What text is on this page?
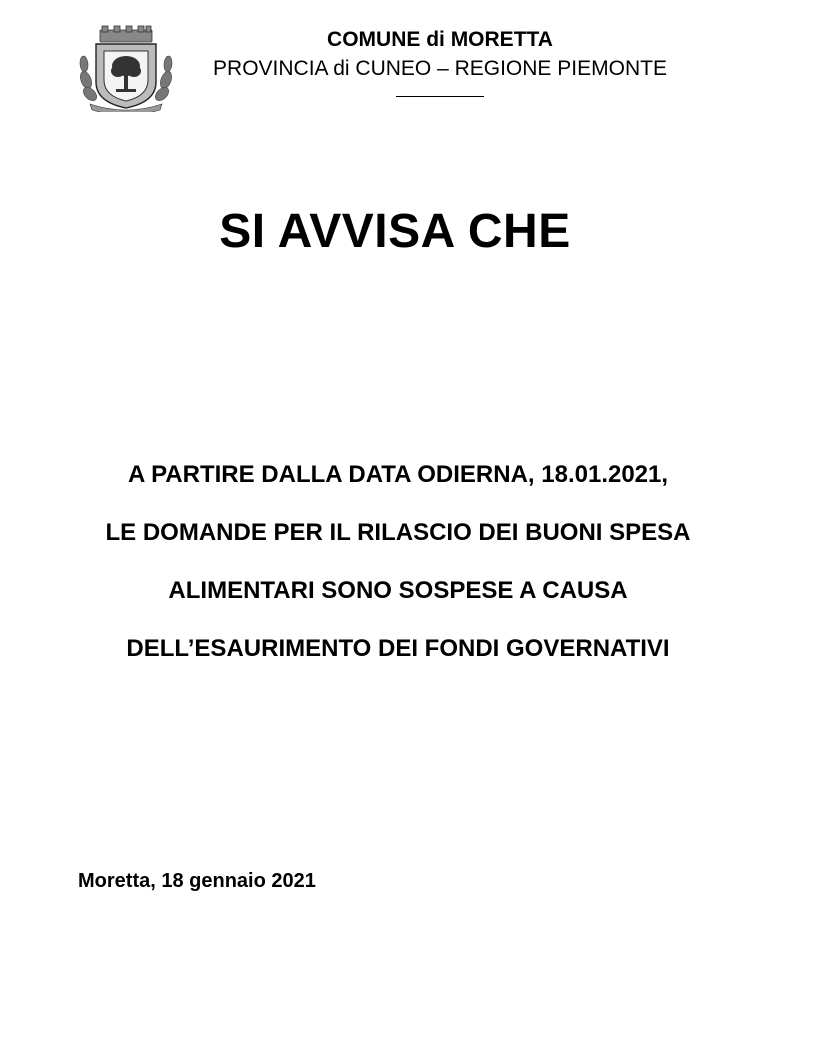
COMUNE di MORETTA
PROVINCIA di CUNEO – REGIONE PIEMONTE
SI AVVISA CHE
A PARTIRE DALLA DATA ODIERNA, 18.01.2021,
LE DOMANDE PER IL RILASCIO DEI BUONI SPESA
ALIMENTARI SONO SOSPESE A CAUSA
DELL’ESAURIMENTO DEI FONDI GOVERNATIVI
Moretta, 18 gennaio 2021
